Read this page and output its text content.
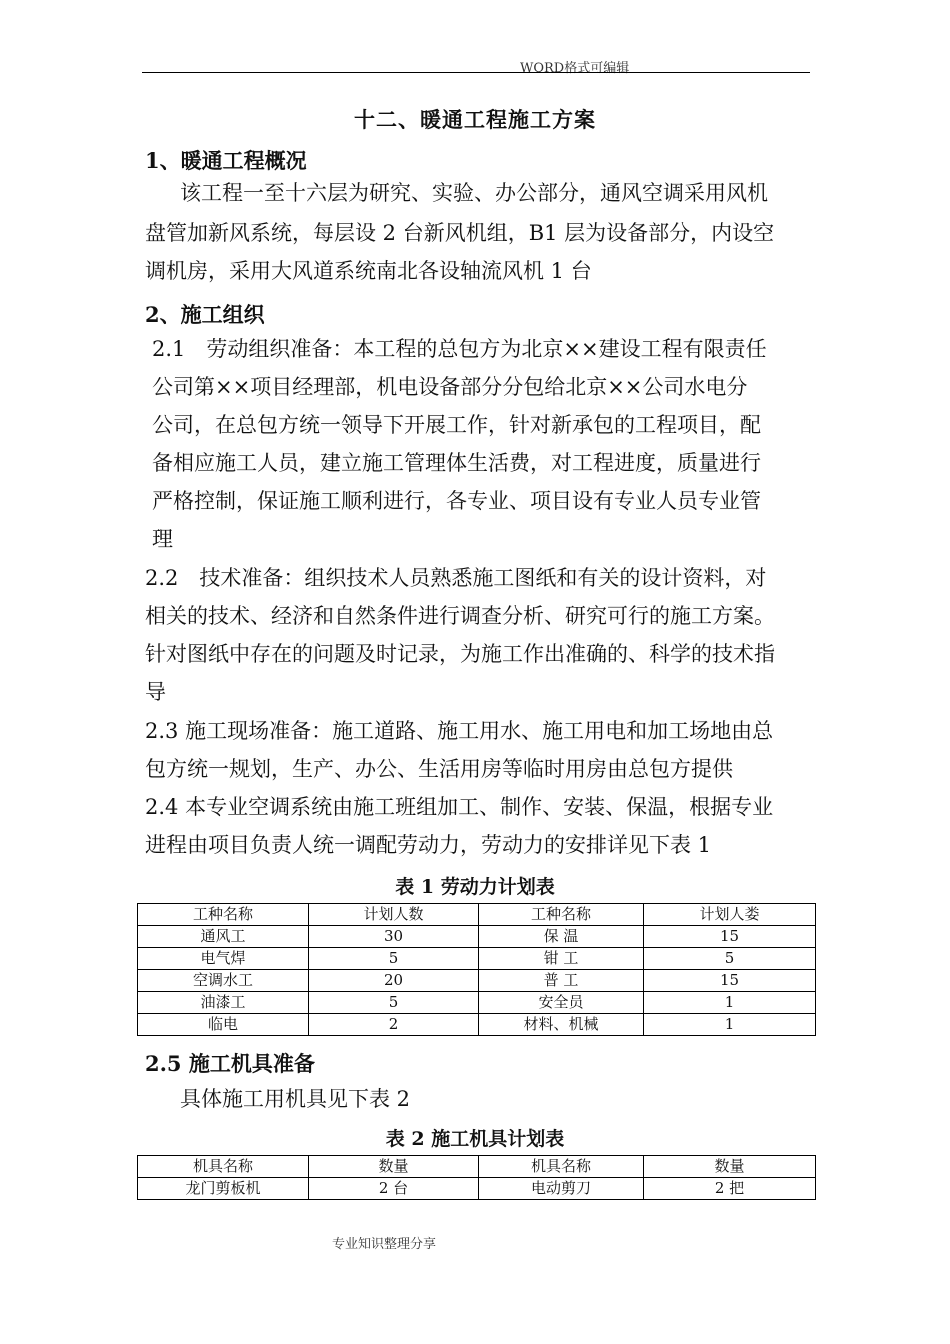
WORD格式可编辑
十二、暖通工程施工方案
1、暖通工程概况
该工程一至十六层为研究、实验、办公部分，通风空调采用风机
盘管加新风系统，每层设 2 台新风机组，B1 层为设备部分，内设空
调机房，采用大风道系统南北各设轴流风机 1 台
2、施工组织
2.1　劳动组织准备：本工程的总包方为北京××建设工程有限责任
公司第××项目经理部，机电设备部分分包给北京××公司水电分
公司，在总包方统一领导下开展工作，针对新承包的工程项目，配
备相应施工人员，建立施工管理体生活费，对工程进度，质量进行
严格控制，保证施工顺利进行，各专业、项目设有专业人员专业管
理
2.2　技术准备：组织技术人员熟悉施工图纸和有关的设计资料，对
相关的技术、经济和自然条件进行调查分析、研究可行的施工方案。
针对图纸中存在的问题及时记录，为施工作出准确的、科学的技术指
导
2.3 施工现场准备：施工道路、施工用水、施工用电和加工场地由总
包方统一规划，生产、办公、生活用房等临时用房由总包方提供
2.4 本专业空调系统由施工班组加工、制作、安装、保温，根据专业
进程由项目负责人统一调配劳动力，劳动力的安排详见下表 1
表 1 劳动力计划表
工种名称	计划人数	工种名称	计划人娄
通风工	30	保 温	15
电气焊	5	钳 工	5
空调水工	20	普 工	15
油漆工	5	安全员	1
临电	2	材料、机械	1
2.5 施工机具准备
具体施工用机具见下表 2
表 2 施工机具计划表
机具名称	数量	机具名称	数量
龙门剪板机	2 台	电动剪刀	2 把
专业知识整理分享
